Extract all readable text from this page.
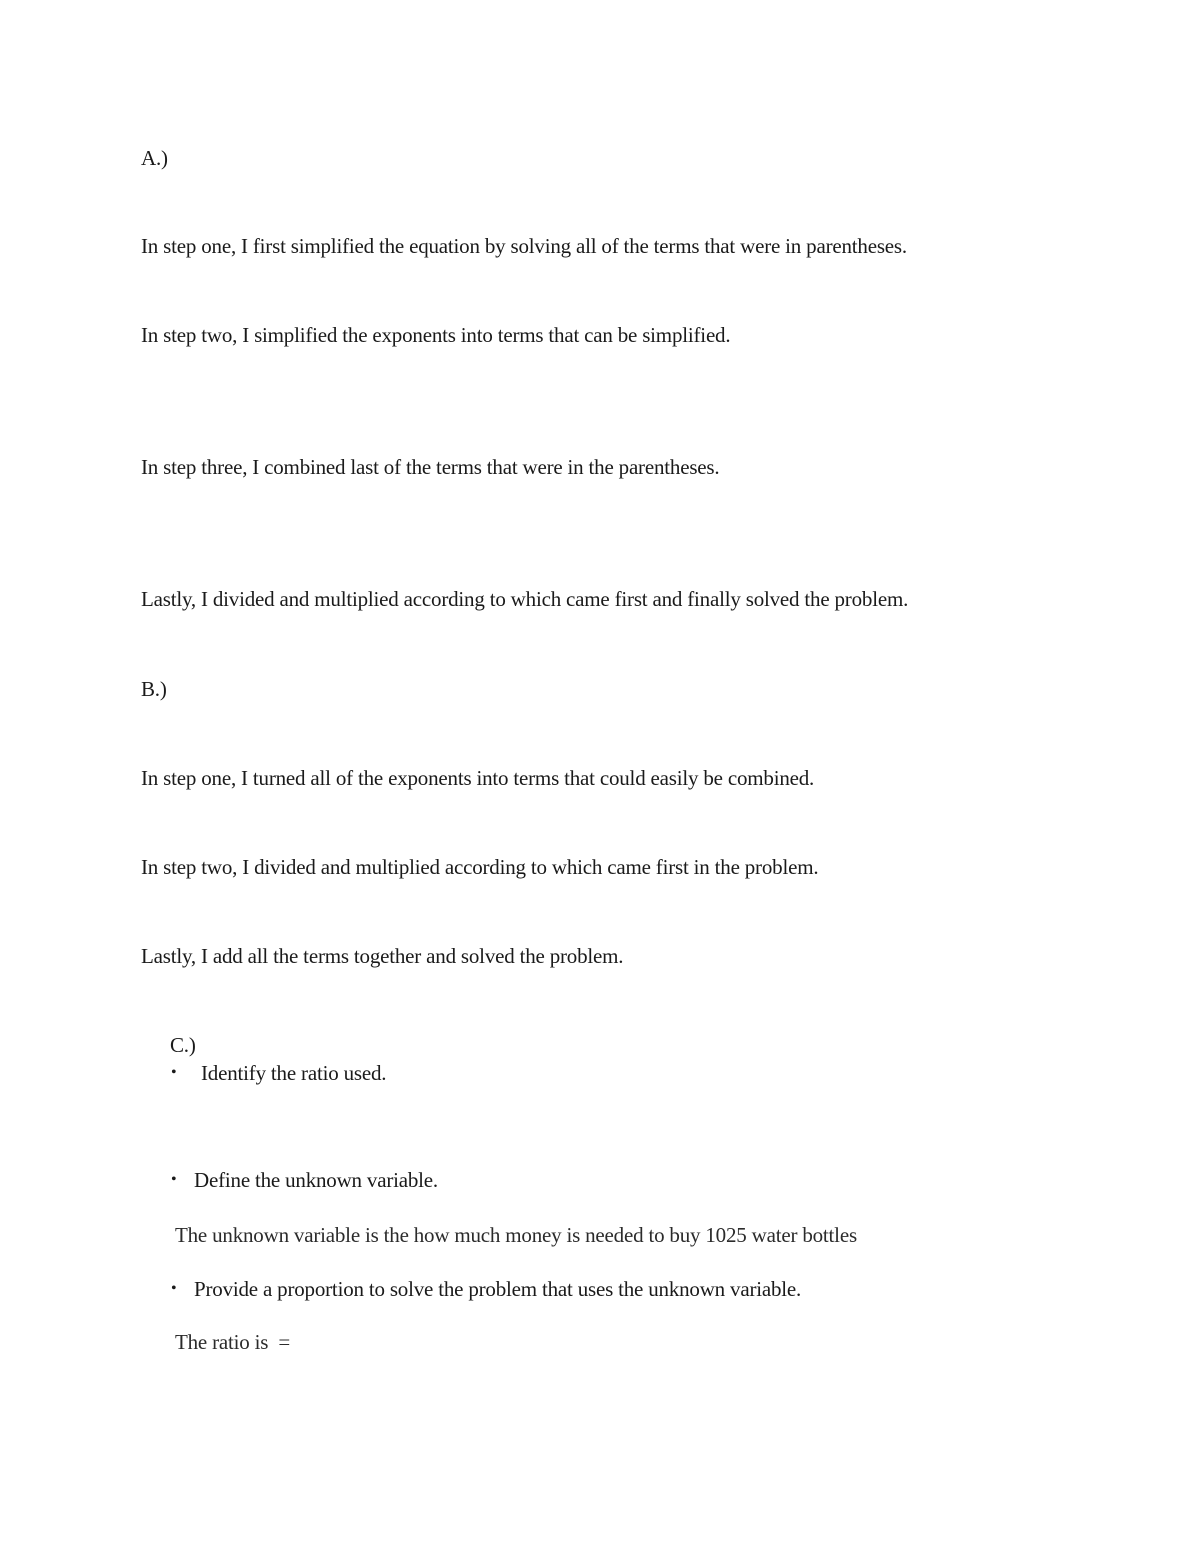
A.)
In step one, I first simplified the equation by solving all of the terms that were in parentheses.
In step two, I simplified the exponents into terms that can be simplified.
In step three, I combined last of the terms that were in the parentheses.
Lastly, I divided and multiplied according to which came first and finally solved the problem.
B.)
In step one, I turned all of the exponents into terms that could easily be combined.
In step two, I divided and multiplied according to which came first in the problem.
Lastly, I add all the terms together and solved the problem.
C.)
• Identify the ratio used.
• Define the unknown variable.
The unknown variable is the how much money is needed to buy 1025 water bottles
• Provide a proportion to solve the problem that uses the unknown variable.
The ratio is  =
